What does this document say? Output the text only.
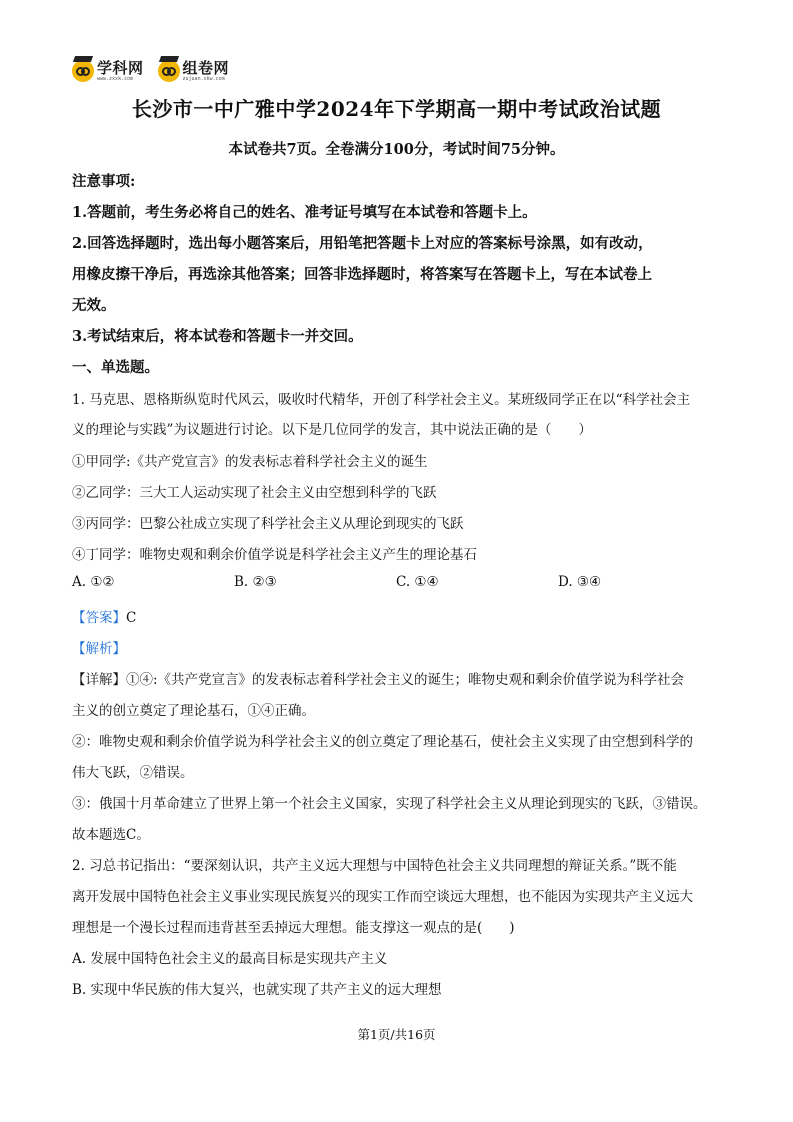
学科网
www.zxxk.com
组卷网
zujuan.xkw.com
长沙市一中广雅中学2024年下学期高一期中考试政治试题
本试卷共7页。全卷满分100分，考试时间75分钟。
注意事项:
1.答题前，考生务必将自己的姓名、准考证号填写在本试卷和答题卡上。
2.回答选择题时，选出每小题答案后，用铅笔把答题卡上对应的答案标号涂黑，如有改动，
用橡皮擦干净后，再选涂其他答案；回答非选择题时，将答案写在答题卡上，写在本试卷上
无效。
3.考试结束后，将本试卷和答题卡一并交回。
一、单选题。
1. 马克思、恩格斯纵览时代风云，吸收时代精华，开创了科学社会主义。某班级同学正在以“科学社会主
义的理论与实践”为议题进行讨论。以下是几位同学的发言，其中说法正确的是（　　）
①甲同学:《共产党宣言》的发表标志着科学社会主义的诞生
②乙同学：三大工人运动实现了社会主义由空想到科学的飞跃
③丙同学：巴黎公社成立实现了科学社会主义从理论到现实的飞跃
④丁同学：唯物史观和剩余价值学说是科学社会主义产生的理论基石
A. ①②	B. ②③	C. ①④	D. ③④
【答案】C
【解析】
【详解】①④:《共产党宣言》的发表标志着科学社会主义的诞生；唯物史观和剩余价值学说为科学社会
主义的创立奠定了理论基石，①④正确。
②：唯物史观和剩余价值学说为科学社会主义的创立奠定了理论基石，使社会主义实现了由空想到科学的
伟大飞跃，②错误。
③：俄国十月革命建立了世界上第一个社会主义国家，实现了科学社会主义从理论到现实的飞跃，③错误。
故本题选C。
2. 习总书记指出：“要深刻认识，共产主义远大理想与中国特色社会主义共同理想的辩证关系。”既不能
离开发展中国特色社会主义事业实现民族复兴的现实工作而空谈远大理想，也不能因为实现共产主义远大
理想是一个漫长过程而违背甚至丢掉远大理想。能支撑这一观点的是(　　)
A. 发展中国特色社会主义的最高目标是实现共产主义
B. 实现中华民族的伟大复兴，也就实现了共产主义的远大理想
第1页/共16页
